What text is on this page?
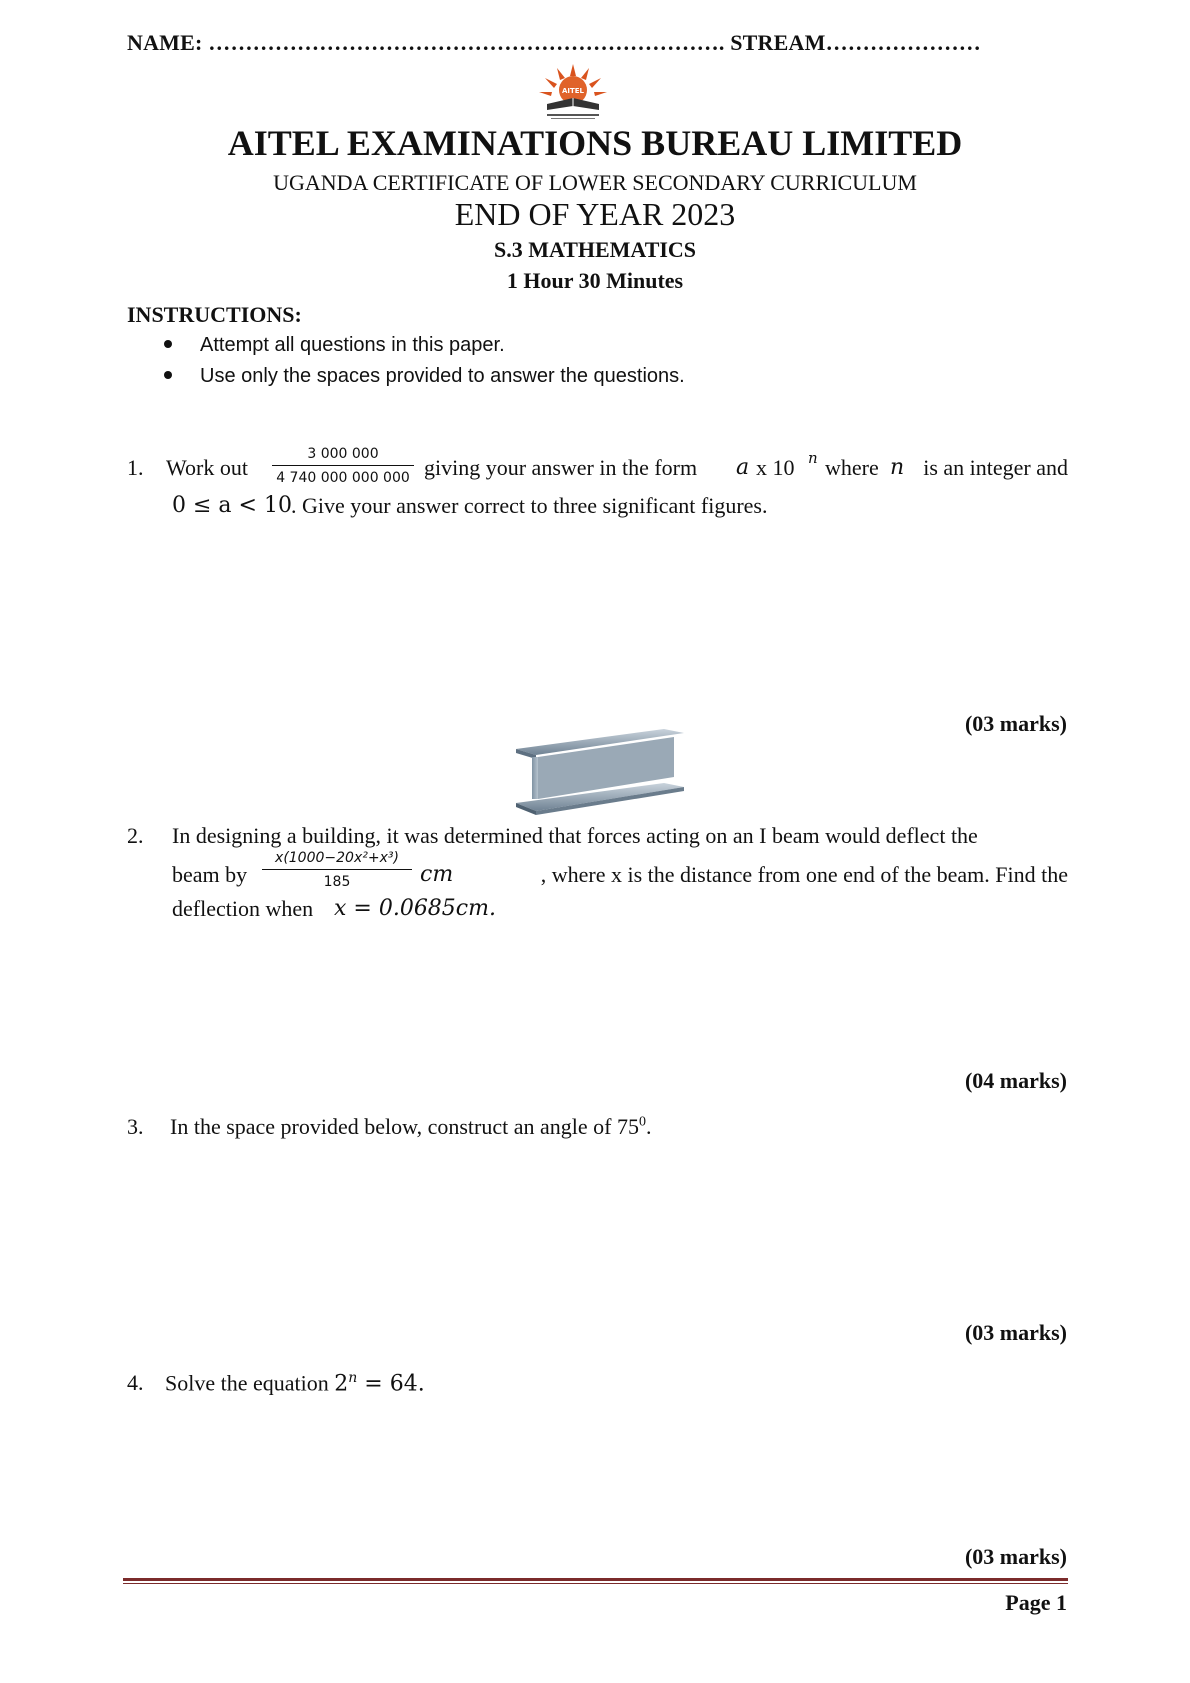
NAME: ……………………………………………………………. STREAM…………………
AITEL
AITEL EXAMINATIONS BUREAU LIMITED
UGANDA CERTIFICATE OF LOWER SECONDARY CURRICULUM
END OF YEAR 2023
S.3 MATHEMATICS
1 Hour 30 Minutes
INSTRUCTIONS:
Attempt all questions in this paper.
Use only the spaces provided to answer the questions.
1. Work out
3 000 000
4 740 000 000 000 giving your answer in the form a x 10 n where n is an integer and
0 ≤ a < 10 . Give your answer correct to three significant figures.
(03 marks)
2. In designing a building, it was determined that forces acting on an I beam would deflect the
beam by
x(1000−20x²+x³)
185	cm	, where x is the distance from one end of the beam. Find the
deflection when x = 0.0685cm.
(04 marks)
3. In the space provided below, construct an angle of $75^0$.
(03 marks)
4. Solve the equation $2^n = 64$.
(03 marks)
Page 1
